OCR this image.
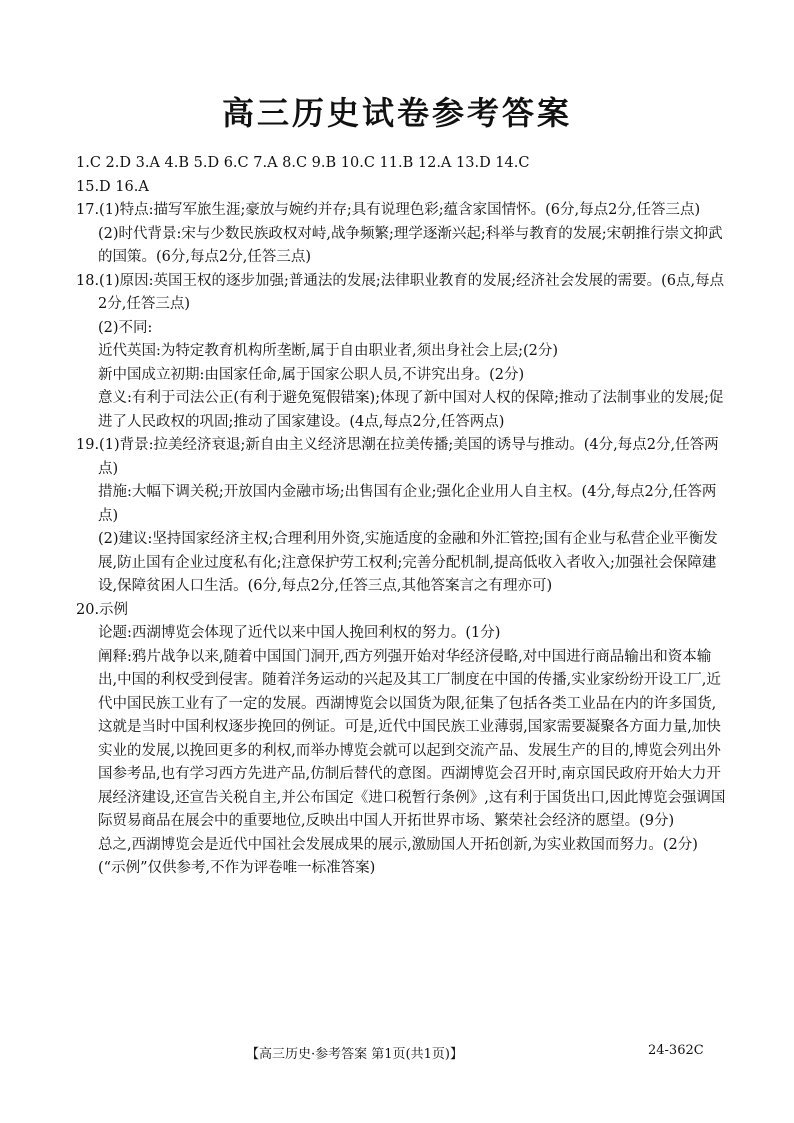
高三历史试卷参考答案
1.C 2.D 3.A 4.B 5.D 6.C 7.A 8.C 9.B 10.C 11.B 12.A 13.D 14.C
15.D 16.A
17.(1)特点:描写军旅生涯;豪放与婉约并存;具有说理色彩;蕴含家国情怀。(6分,每点2分,任答三点)
(2)时代背景:宋与少数民族政权对峙,战争频繁;理学逐渐兴起;科举与教育的发展;宋朝推行崇文抑武的国策。(6分,每点2分,任答三点)
18.(1)原因:英国王权的逐步加强;普通法的发展;法律职业教育的发展;经济社会发展的需要。(6点,每点2分,任答三点)
(2)不同:
近代英国:为特定教育机构所垄断,属于自由职业者,须出身社会上层;(2分)
新中国成立初期:由国家任命,属于国家公职人员,不讲究出身。(2分)
意义:有利于司法公正(有利于避免冤假错案);体现了新中国对人权的保障;推动了法制事业的发展;促进了人民政权的巩固;推动了国家建设。(4点,每点2分,任答两点)
19.(1)背景:拉美经济衰退;新自由主义经济思潮在拉美传播;美国的诱导与推动。(4分,每点2分,任答两点)
措施:大幅下调关税;开放国内金融市场;出售国有企业;强化企业用人自主权。(4分,每点2分,任答两点)
(2)建议:坚持国家经济主权;合理利用外资,实施适度的金融和外汇管控;国有企业与私营企业平衡发展,防止国有企业过度私有化;注意保护劳工权利;完善分配机制,提高低收入者收入;加强社会保障建设,保障贫困人口生活。(6分,每点2分,任答三点,其他答案言之有理亦可)
20.示例
论题:西湖博览会体现了近代以来中国人挽回利权的努力。(1分)
阐释:鸦片战争以来,随着中国国门洞开,西方列强开始对华经济侵略,对中国进行商品输出和资本输出,中国的利权受到侵害。随着洋务运动的兴起及其工厂制度在中国的传播,实业家纷纷开设工厂,近代中国民族工业有了一定的发展。西湖博览会以国货为限,征集了包括各类工业品在内的许多国货,这就是当时中国利权逐步挽回的例证。可是,近代中国民族工业薄弱,国家需要凝聚各方面力量,加快实业的发展,以挽回更多的利权,而举办博览会就可以起到交流产品、发展生产的目的,博览会列出外国参考品,也有学习西方先进产品,仿制后替代的意图。西湖博览会召开时,南京国民政府开始大力开展经济建设,还宣告关税自主,并公布国定《进口税暂行条例》,这有利于国货出口,因此博览会强调国际贸易商品在展会中的重要地位,反映出中国人开拓世界市场、繁荣社会经济的愿望。(9分)
总之,西湖博览会是近代中国社会发展成果的展示,激励国人开拓创新,为实业救国而努力。(2分)
(“示例”仅供参考,不作为评卷唯一标准答案)
【高三历史·参考答案 第1页(共1页)】	24-362C
